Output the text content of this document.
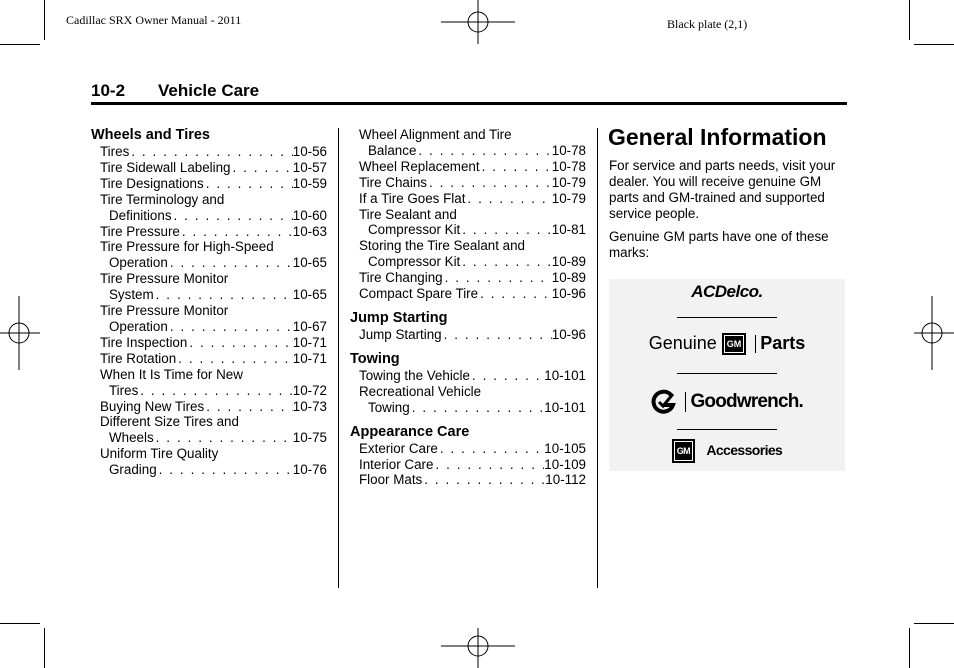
Cadillac SRX Owner Manual - 2011	Black plate (2,1)
10-2 Vehicle Care
Wheels and Tires
Tires . . .	10-56
Tire Sidewall Labeling . . .	10-57
Tire Designations . . .	10-59
Tire Terminology and
Definitions . . .	10-60
Tire Pressure . . .	10-63
Tire Pressure for High-Speed
Operation . . .	10-65
Tire Pressure Monitor
System . . .	10-65
Tire Pressure Monitor
Operation . . .	10-67
Tire Inspection . . .	10-71
Tire Rotation . . .	10-71
When It Is Time for New
Tires . . .	10-72
Buying New Tires . . .	10-73
Different Size Tires and
Wheels . . .	10-75
Uniform Tire Quality
Grading . . .	10-76
Wheel Alignment and Tire
Balance . . .	10-78
Wheel Replacement . . .	10-78
Tire Chains . . .	10-79
If a Tire Goes Flat . . .	10-79
Tire Sealant and
Compressor Kit . . .	10-81
Storing the Tire Sealant and
Compressor Kit . . .	10-89
Tire Changing . . .	10-89
Compact Spare Tire . . .	10-96
Jump Starting
Jump Starting . . .	10-96
Towing
Towing the Vehicle . . .	10-101
Recreational Vehicle
Towing . . .	10-101
Appearance Care
Exterior Care . . .	10-105
Interior Care . . .	10-109
Floor Mats . . .	10-112
General Information
For service and parts needs, visit your dealer. You will receive genuine GM parts and GM-trained and supported service people.
Genuine GM parts have one of these marks:
ACDelco.
Genuine GM Parts
Goodwrench.
GM Accessories
